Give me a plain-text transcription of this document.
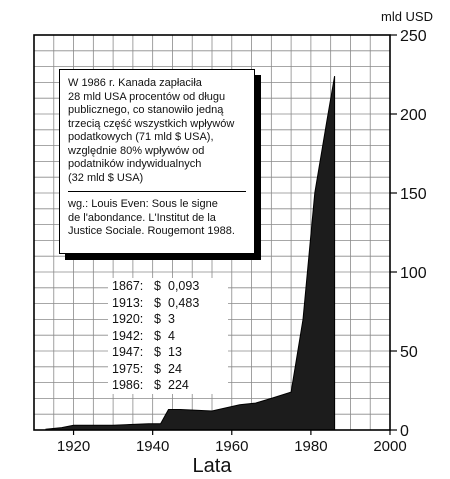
1920	1940	1960	1980	2000
0
50
100
150
200
250
mld USD
Lata
W 1986 r. Kanada zapłaciła
28 mld USA procentów od długu
publicznego, co stanowiło jedną
trzecią część wszystkich wpływów
podatkowych (71 mld $ USA),
względnie 80% wpływów od
podatników indywidualnych
(32 mld $ USA)
wg.: Louis Even: Sous le signe
de l'abondance. L'Institut de la
Justice Sociale. Rougemont 1988.
1867: $ 0,093
1913: $ 0,483
1920: $ 3
1942: $ 4
1947: $ 13
1975: $ 24
1986: $ 224
